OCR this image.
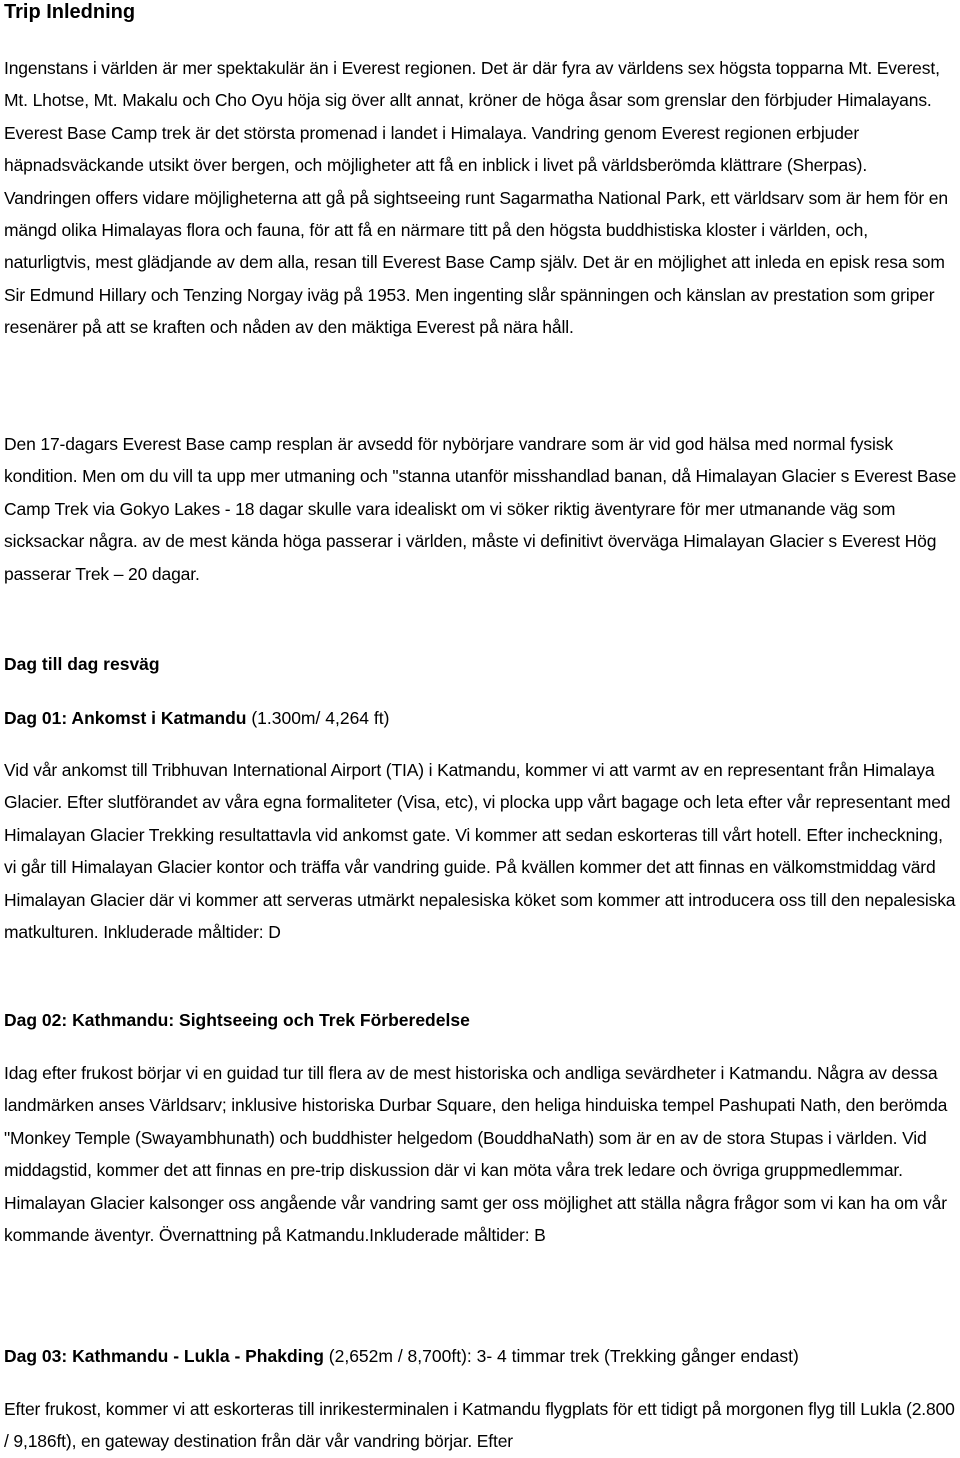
Trip Inledning

Ingenstans i världen är mer spektakulär än i Everest regionen. Det är där fyra av världens sex högsta topparna Mt. Everest, Mt. Lhotse, Mt. Makalu och Cho Oyu höja sig över allt annat, kröner de höga åsar som grenslar den förbjuder Himalayans. Everest Base Camp trek är det största promenad i landet i Himalaya. Vandring genom Everest regionen erbjuder häpnadsväckande utsikt över bergen, och möjligheter att få en inblick i livet på världsberömda klättrare (Sherpas). Vandringen offers vidare möjligheterna att gå på sightseeing runt Sagarmatha National Park, ett världsarv som är hem för en mängd olika Himalayas flora och fauna, för att få en närmare titt på den högsta buddhistiska kloster i världen, och, naturligtvis, mest glädjande av dem alla, resan till Everest Base Camp själv. Det är en möjlighet att inleda en episk resa som Sir Edmund Hillary och Tenzing Norgay iväg på 1953. Men ingenting slår spänningen och känslan av prestation som griper resenärer på att se kraften och nåden av den mäktiga Everest på nära håll.

Den 17-dagars Everest Base camp resplan är avsedd för nybörjare vandrare som är vid god hälsa med normal fysisk kondition. Men om du vill ta upp mer utmaning och "stanna utanför misshandlad banan, då Himalayan Glacier s Everest Base Camp Trek via Gokyo Lakes - 18 dagar skulle vara idealiskt om vi söker riktig äventyrare för mer utmanande väg som sicksackar några. av de mest kända höga passerar i världen, måste vi definitivt överväga Himalayan Glacier s Everest Hög passerar Trek – 20 dagar.

Dag till dag resväg
Dag 01: Ankomst i Katmandu (1.300m/ 4,264 ft)

Vid vår ankomst till Tribhuvan International Airport (TIA) i Katmandu, kommer vi att varmt av en representant från Himalaya Glacier. Efter slutförandet av våra egna formaliteter (Visa, etc), vi plocka upp vårt bagage och leta efter vår representant med Himalayan Glacier Trekking resultattavla vid ankomst gate. Vi kommer att sedan eskorteras till vårt hotell. Efter incheckning, vi går till Himalayan Glacier kontor och träffa vår vandring guide. På kvällen kommer det att finnas en välkomstmiddag värd Himalayan Glacier där vi kommer att serveras utmärkt nepalesiska köket som kommer att introducera oss till den nepalesiska matkulturen. Inkluderade måltider: D

Dag 02: Kathmandu: Sightseeing och Trek Förberedelse

Idag efter frukost börjar vi en guidad tur till flera av de mest historiska och andliga sevärdheter i Katmandu. Några av dessa landmärken anses Världsarv; inklusive historiska Durbar Square, den heliga hinduiska tempel Pashupati Nath, den berömda "Monkey Temple (Swayambhunath) och buddhister helgedom (BouddhaNath) som är en av de stora Stupas i världen. Vid middagstid, kommer det att finnas en pre-trip diskussion där vi kan möta våra trek ledare och övriga gruppmedlemmar. Himalayan Glacier kalsonger oss angående vår vandring samt ger oss möjlighet att ställa några frågor som vi kan ha om vår kommande äventyr. Övernattning på Katmandu.Inkluderade måltider: B

Dag 03: Kathmandu - Lukla - Phakding (2,652m / 8,700ft): 3- 4 timmar trek (Trekking gånger endast)

Efter frukost, kommer vi att eskorteras till inrikesterminalen i Katmandu flygplats för ett tidigt på morgonen flyg till Lukla (2.800 / 9,186ft), en gateway destination från där vår vandring börjar. Efter
